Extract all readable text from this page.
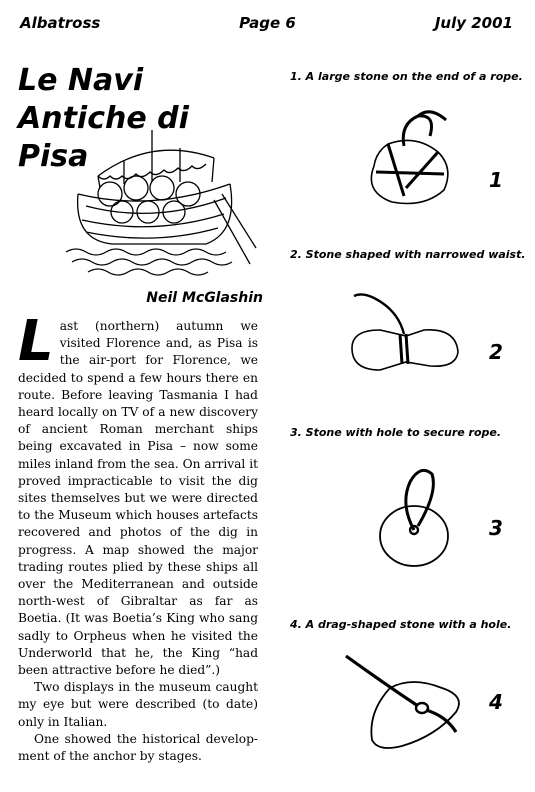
Albatross	Page 6	July 2001
Le Navi Antiche di Pisa
Neil McGlashin

Last (northern) autumn we visited Florence and, as Pisa is the air-port for Florence, we decided to spend a few hours there en route. Before leaving Tasmania I had heard locally on TV of a new discovery of ancient Roman merchant ships being excavated in Pisa – now some miles inland from the sea. On arrival it proved impracticable to visit the dig sites themselves but we were directed to the Museum which houses artefacts recovered and photos of the dig in progress. A map showed the major trading routes plied by these ships all over the Mediterranean and outside north-west of Gibraltar as far as Boetia. (It was Boetia’s King who sang sadly to Orpheus when he visited the Underworld that he, the King “had been attractive before he died”.)

Two displays in the museum caught my eye but were described (to date) only in Italian.

One showed the historical develop-ment of the anchor by stages.

1. A large stone on the end of a rope.
1
2. Stone shaped with narrowed waist.
2
3. Stone with hole to secure rope.
3
4. A drag-shaped stone with a hole.
4
